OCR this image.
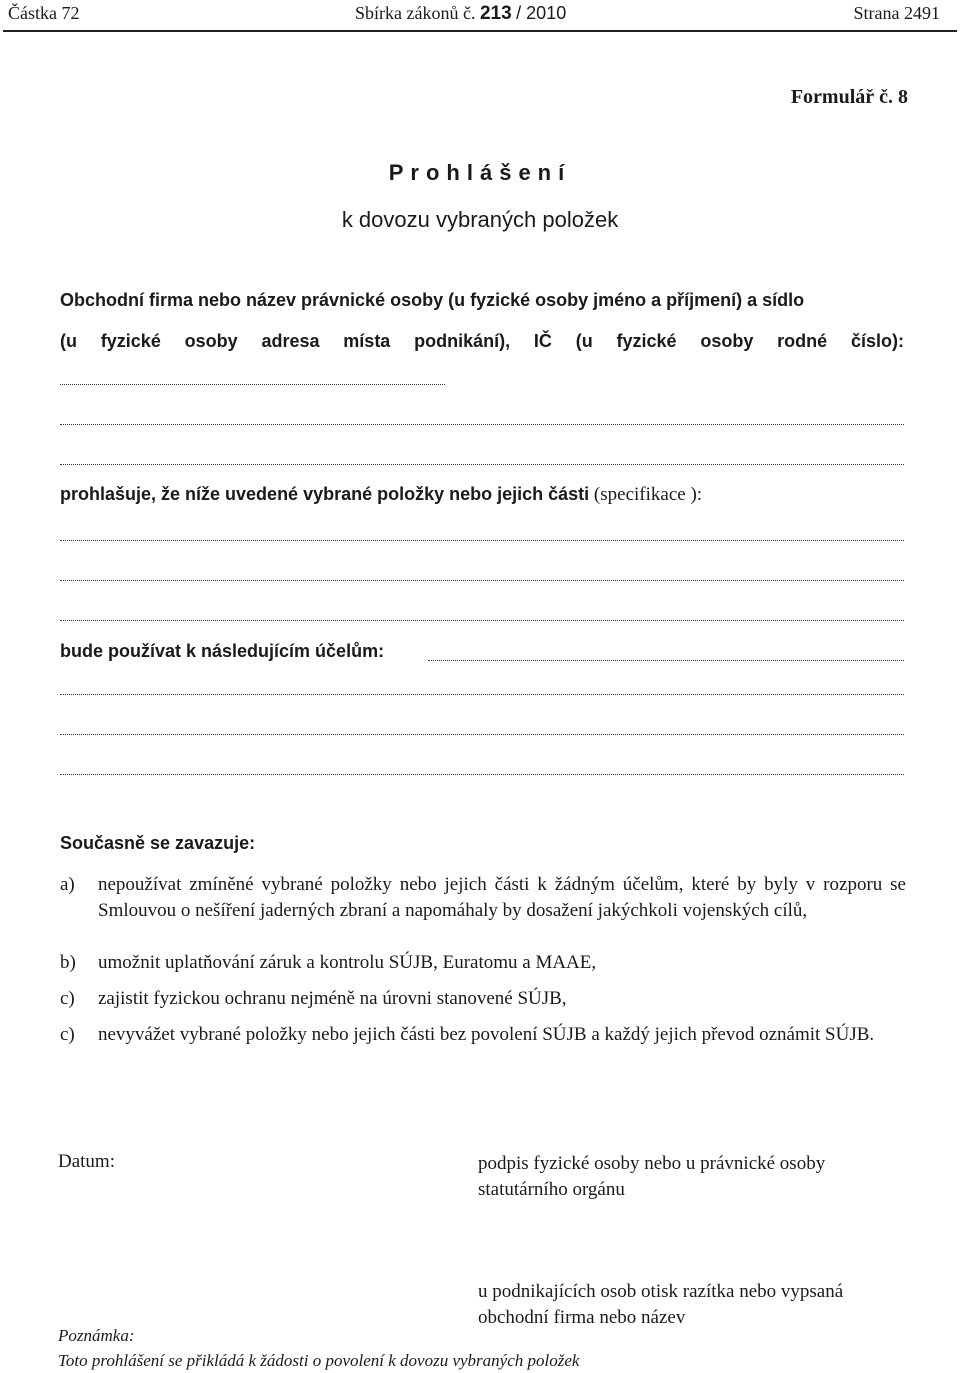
Částka 72	Sbírka zákonů č. 213 / 2010	Strana 2491
Formulář č. 8
Prohlášení
k dovozu vybraných položek
Obchodní firma nebo název právnické osoby (u fyzické osoby jméno a příjmení) a sídlo
(u fyzické osoby adresa místa podnikání), IČ (u fyzické osoby rodné číslo):
prohlašuje, že níže uvedené vybrané položky nebo jejich části (specifikace ):
bude používat k následujícím účelům:
Současně se zavazuje:
a)	nepoužívat zmíněné vybrané položky nebo jejich části k žádným účelům, které by byly v rozporu se Smlouvou o nešíření jaderných zbraní a napomáhaly by dosažení jakýchkoli vojenských cílů,
b)	umožnit uplatňování záruk a kontrolu SÚJB, Euratomu a MAAE,
c)	zajistit fyzickou ochranu nejméně na úrovni stanovené SÚJB,
c)	nevyvážet vybrané položky nebo jejich části bez povolení SÚJB a každý jejich převod oznámit SÚJB.
Datum:	podpis fyzické osoby nebo u právnické osoby statutárního orgánu
u podnikajících osob otisk razítka nebo vypsaná obchodní firma nebo název
Poznámka:
Toto prohlášení se přikládá k žádosti o povolení k dovozu vybraných položek
